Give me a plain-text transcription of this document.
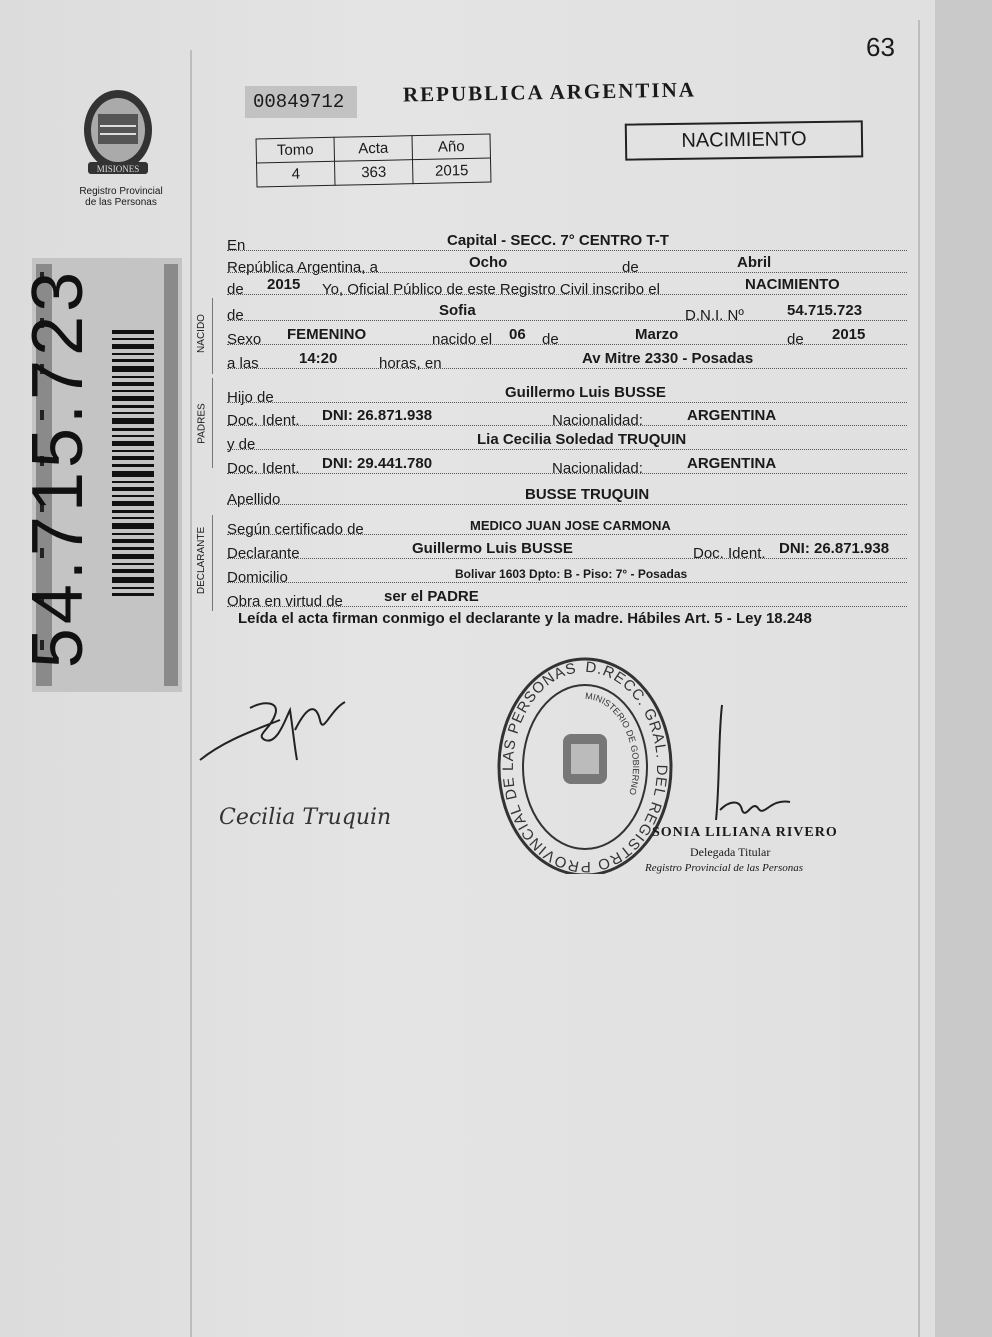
63
MISIONES
Registro Provincial
de las Personas
54.715.723
00849712	REPUBLICA ARGENTINA
Tomo	Acta	Año
4	363	2015
NACIMIENTO
En	Capital - SECC. 7° CENTRO T-T
República Argentina, a	Ocho	de	Abril
de 2015 Yo, Oficial Público de este Registro Civil inscribo el	NACIMIENTO
NACIDO de	Sofia	D.N.I. Nº	54.715.723
Sexo FEMENINO	nacido el 06 de	Marzo	de 2015
a las	14:20	horas, en	Av Mitre 2330 - Posadas
PADRES
Hijo de	Guillermo Luis BUSSE
Doc. Ident. DNI: 26.871.938	Nacionalidad:	ARGENTINA
y de	Lia Cecilia Soledad TRUQUIN
Doc. Ident. DNI: 29.441.780	Nacionalidad:	ARGENTINA
Apellido	BUSSE TRUQUIN
DECLARANTE Según certificado de	MEDICO JUAN JOSE CARMONA
Declarante	Guillermo Luis BUSSE	Doc. Ident. DNI: 26.871.938
Domicilio	Bolivar 1603 Dpto: B - Piso: 7° - Posadas
Obra en virtud de	ser el PADRE
Leída el acta firman conmigo el declarante y la madre. Hábiles Art. 5 - Ley 18.248
D.RECC. GRAL. DEL REGISTRO PROVINCIAL DE LAS PERSONAS
MINISTERIO DE GOBIERNO
SONIA LILIANA RIVERO
Delegada Titular
Registro Provincial de las Personas
Cecilia Truquin
